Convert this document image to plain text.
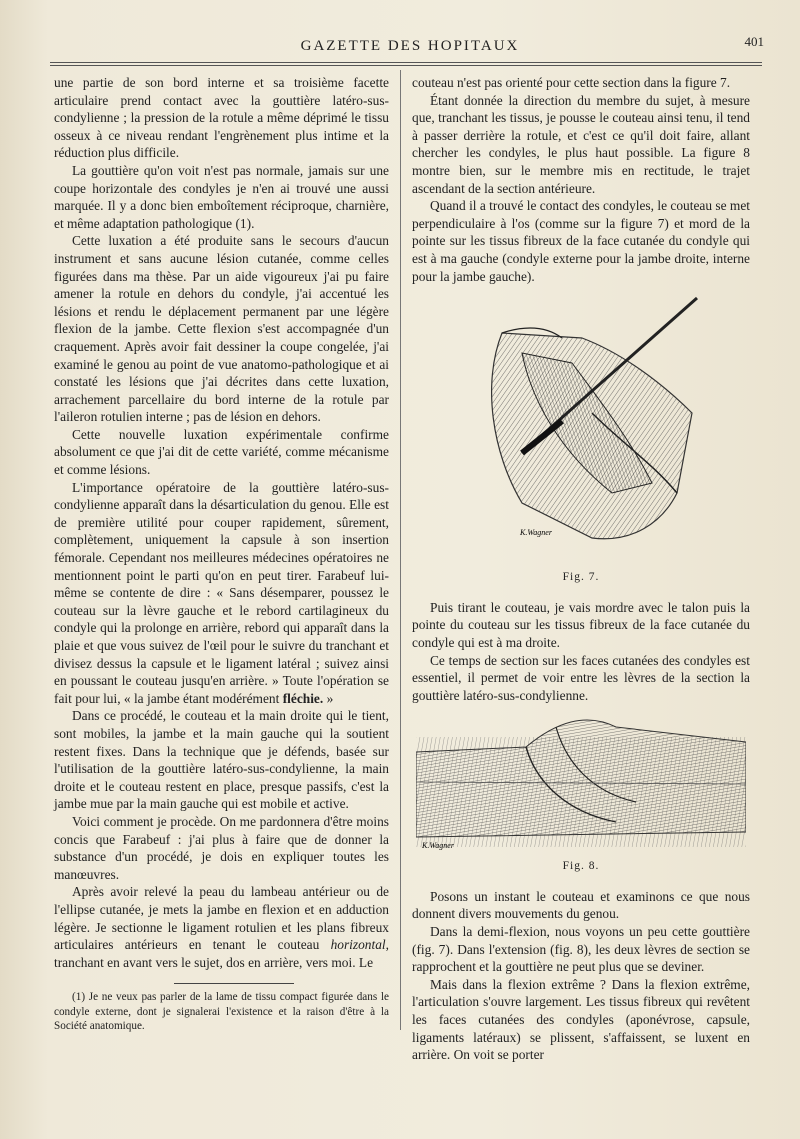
GAZETTE DES HOPITAUX	401

une partie de son bord interne et sa troisième facette articulaire prend contact avec la gouttière latéro-sus-condylienne ; la pression de la rotule a même déprimé le tissu osseux à ce niveau rendant l'engrènement plus intime et la réduction plus difficile.

La gouttière qu'on voit n'est pas normale, jamais sur une coupe horizontale des condyles je n'en ai trouvé une aussi marquée. Il y a donc bien emboîtement réciproque, charnière, et même adaptation pathologique (1).

Cette luxation a été produite sans le secours d'aucun instrument et sans aucune lésion cutanée, comme celles figurées dans ma thèse. Par un aide vigoureux j'ai pu faire amener la rotule en dehors du condyle, j'ai accentué les lésions et rendu le déplacement permanent par une légère flexion de la jambe. Cette flexion s'est accompagnée d'un craquement. Après avoir fait dessiner la coupe congelée, j'ai examiné le genou au point de vue anatomo-pathologique et ai constaté les lésions que j'ai décrites dans cette luxation, arrachement parcellaire du bord interne de la rotule par l'aileron rotulien interne ; pas de lésion en dehors.

Cette nouvelle luxation expérimentale confirme absolument ce que j'ai dit de cette variété, comme mécanisme et comme lésions.

L'importance opératoire de la gouttière latéro-sus-condylienne apparaît dans la désarticulation du genou. Elle est de première utilité pour couper rapidement, sûrement, complètement, uniquement la capsule à son insertion fémorale. Cependant nos meilleures médecines opératoires ne mentionnent point le parti qu'on en peut tirer. Farabeuf lui-même se contente de dire : « Sans désemparer, poussez le couteau sur la lèvre gauche et le rebord cartilagineux du condyle qui la prolonge en arrière, rebord qui apparaît dans la plaie et que vous suivez de l'œil pour le suivre du tranchant et divisez dessus la capsule et le ligament latéral ; suivez ainsi en poussant le couteau jusqu'en arrière. » Toute l'opération se fait pour lui, « la jambe étant modérément fléchie. »

Dans ce procédé, le couteau et la main droite qui le tient, sont mobiles, la jambe et la main gauche qui la soutient restent fixes. Dans la technique que je défends, basée sur l'utilisation de la gouttière latéro-sus-condylienne, la main droite et le couteau restent en place, presque passifs, c'est la jambe mue par la main gauche qui est mobile et active.

Voici comment je procède. On me pardonnera d'être moins concis que Farabeuf : j'ai plus à faire que de donner la substance d'un procédé, je dois en expliquer toutes les manœuvres.

Après avoir relevé la peau du lambeau antérieur ou de l'ellipse cutanée, je mets la jambe en flexion et en adduction légère. Je sectionne le ligament rotulien et les plans fibreux articulaires antérieurs en tenant le couteau horizontal, tranchant en avant vers le sujet, dos en arrière, vers moi. Le

(1) Je ne veux pas parler de la lame de tissu compact figurée dans le condyle externe, dont je signalerai l'existence et la raison d'être à la Société anatomique.

couteau n'est pas orienté pour cette section dans la figure 7.

Étant donnée la direction du membre du sujet, à mesure que, tranchant les tissus, je pousse le couteau ainsi tenu, il tend à passer derrière la rotule, et c'est ce qu'il doit faire, allant chercher les condyles, le plus haut possible. La figure 8 montre bien, sur le membre mis en rectitude, le trajet ascendant de la section antérieure.

Quand il a trouvé le contact des condyles, le couteau se met perpendiculaire à l'os (comme sur la figure 7) et mord de la pointe sur les tissus fibreux de la face cutanée du condyle qui est à ma gauche (condyle externe pour la jambe droite, interne pour la jambe gauche).

K.Wagner
Fig. 7.

Puis tirant le couteau, je vais mordre avec le talon puis la pointe du couteau sur les tissus fibreux de la face cutanée du condyle qui est à ma droite.

Ce temps de section sur les faces cutanées des condyles est essentiel, il permet de voir entre les lèvres de la section la gouttière latéro-sus-condylienne.

K.Wagner
Fig. 8.

Posons un instant le couteau et examinons ce que nous donnent divers mouvements du genou.

Dans la demi-flexion, nous voyons un peu cette gouttière (fig. 7). Dans l'extension (fig. 8), les deux lèvres de section se rapprochent et la gouttière ne peut plus que se deviner.

Mais dans la flexion extrême ? Dans la flexion extrême, l'articulation s'ouvre largement. Les tissus fibreux qui revêtent les faces cutanées des condyles (aponévrose, capsule, ligaments latéraux) se plissent, s'affaissent, se luxent en arrière. On voit se porter
